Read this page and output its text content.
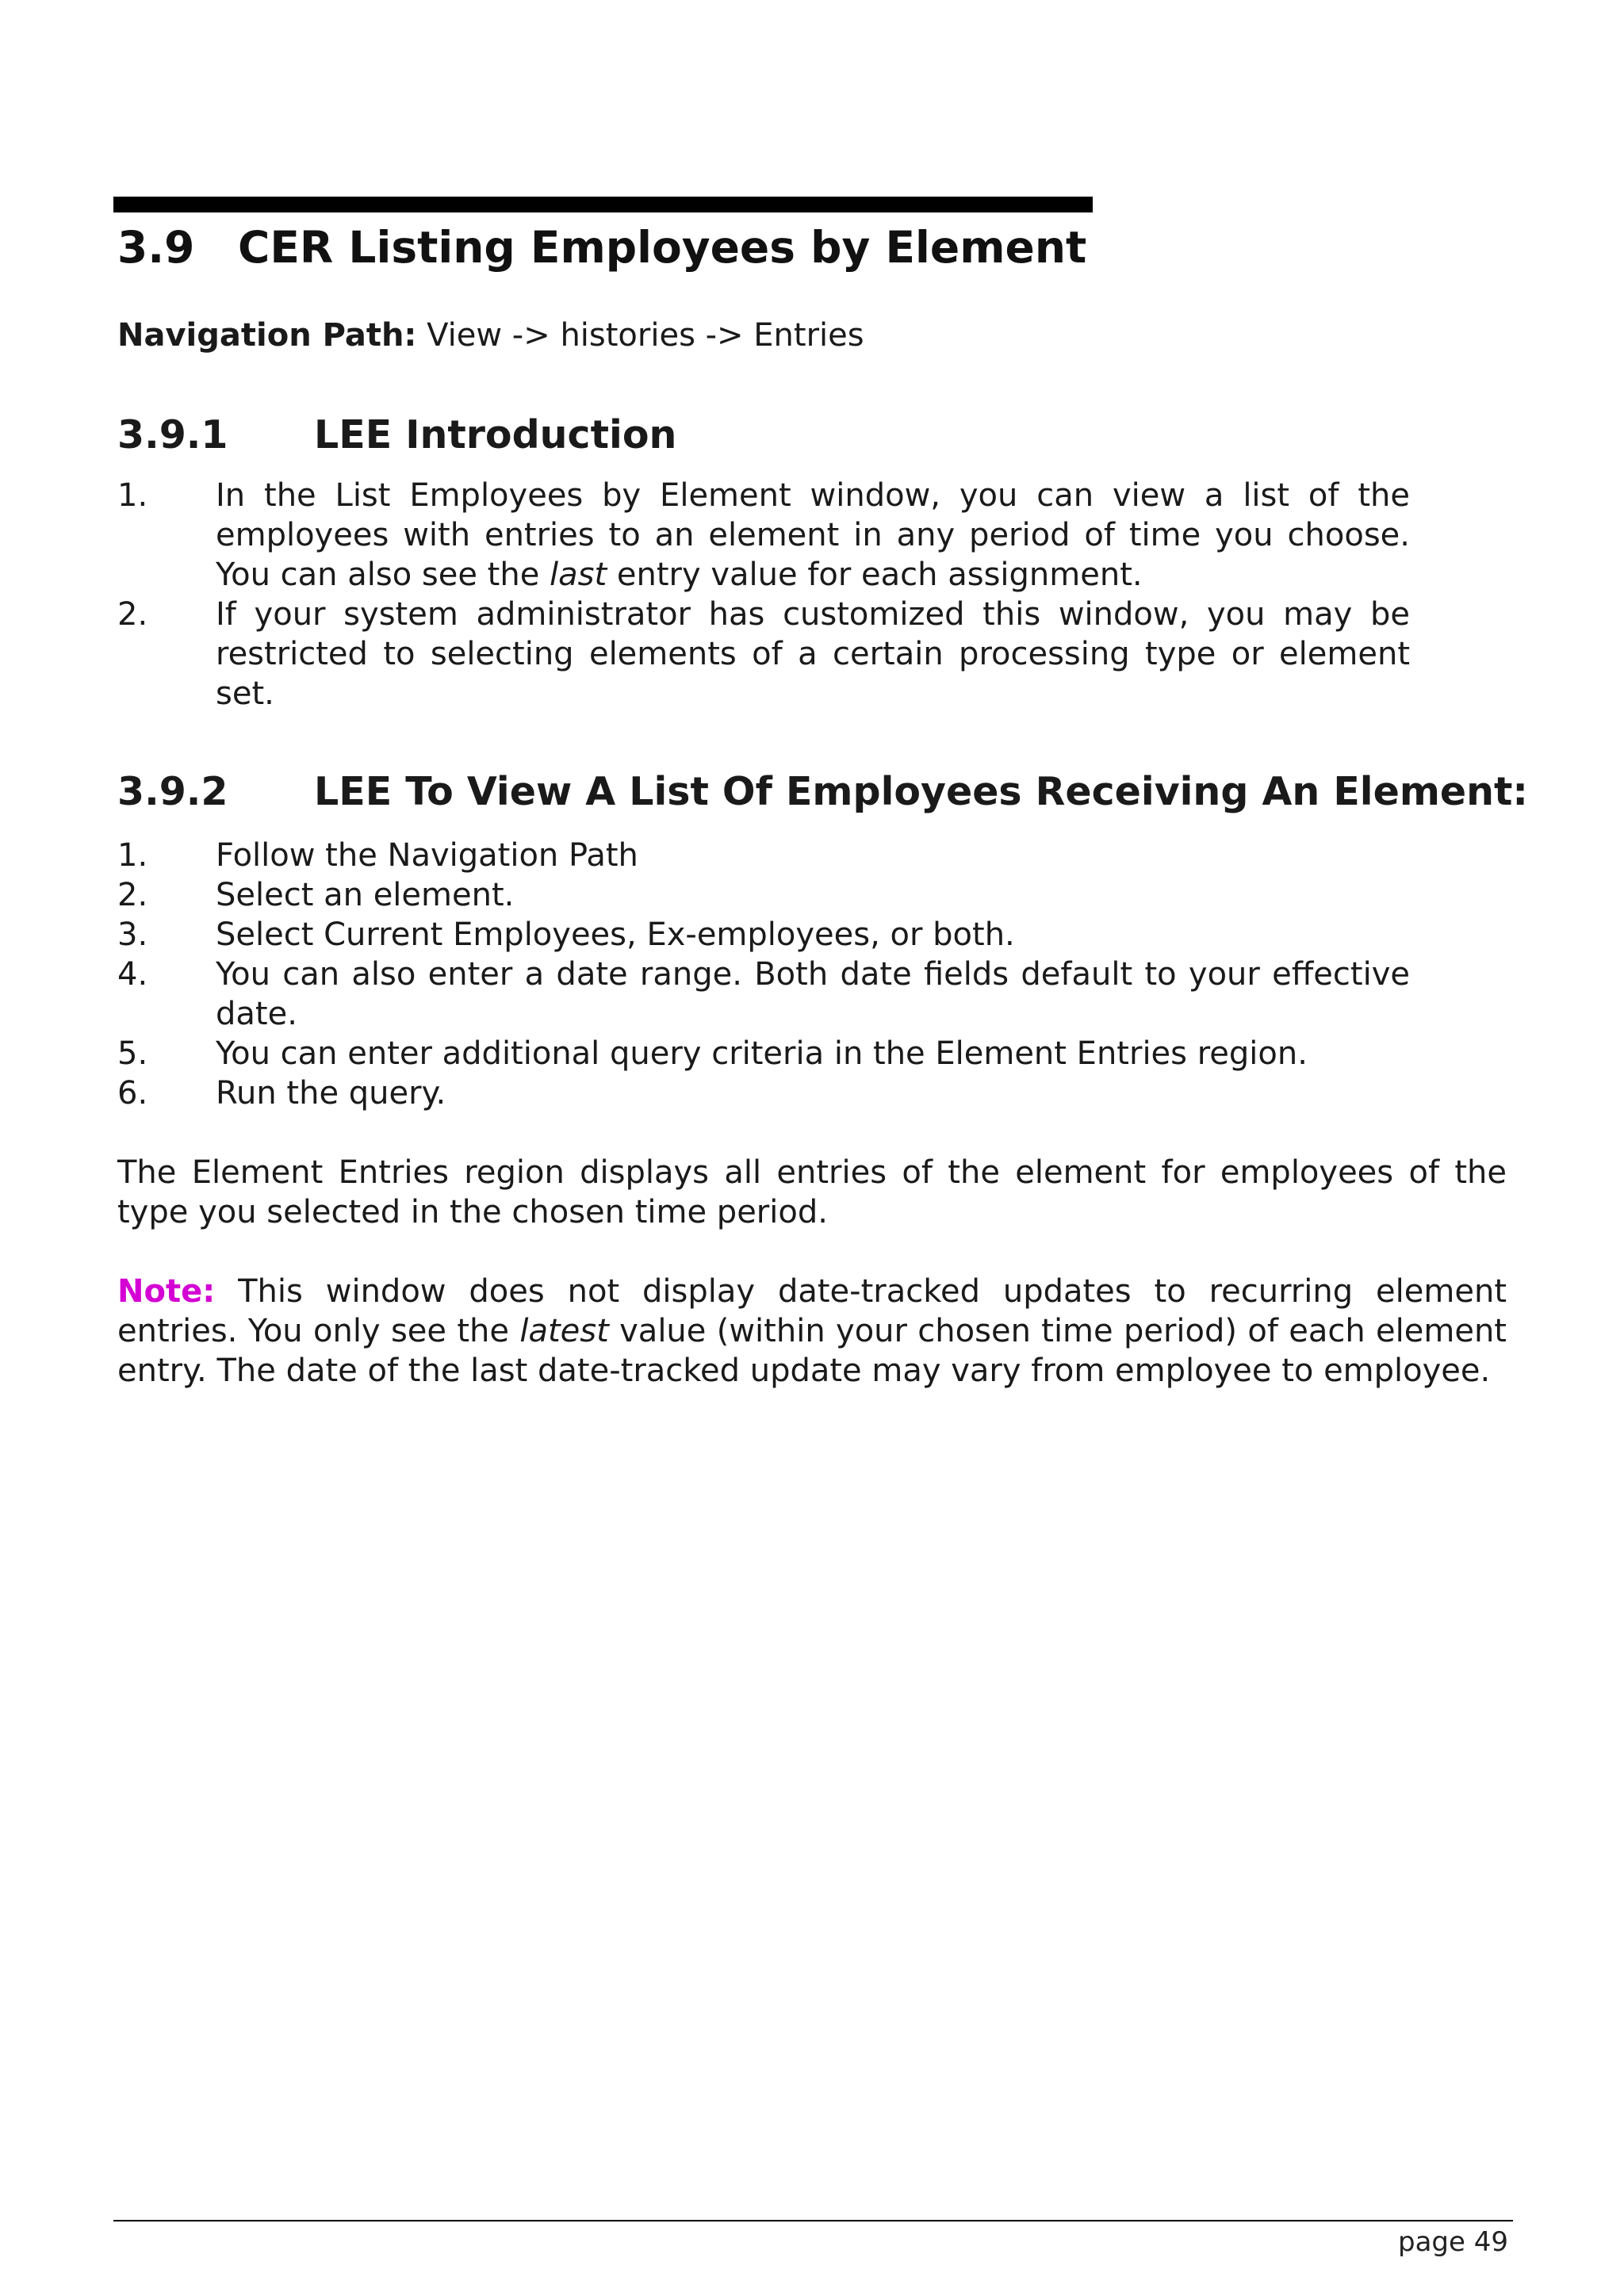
3.9 CER Listing Employees by Element
Navigation Path: View -> histories -> Entries
3.9.1 LEE Introduction
1.	In the List Employees by Element window, you can view a list of the employees with entries to an element in any period of time you choose. You can also see the last entry value for each assignment.
2.	If your system administrator has customized this window, you may be restricted to selecting elements of a certain processing type or element set.
3.9.2 LEE To View A List Of Employees Receiving An Element:
1.	Follow the Navigation Path
2.	Select an element.
3.	Select Current Employees, Ex-employees, or both.
4.	You can also enter a date range. Both date fields default to your effective date.
5.	You can enter additional query criteria in the Element Entries region.
6.	Run the query.

The Element Entries region displays all entries of the element for employees of the type you selected in the chosen time period.

Note: This window does not display date-tracked updates to recurring element entries. You only see the latest value (within your chosen time period) of each element entry. The date of the last date-tracked update may vary from employee to employee.

page 49
